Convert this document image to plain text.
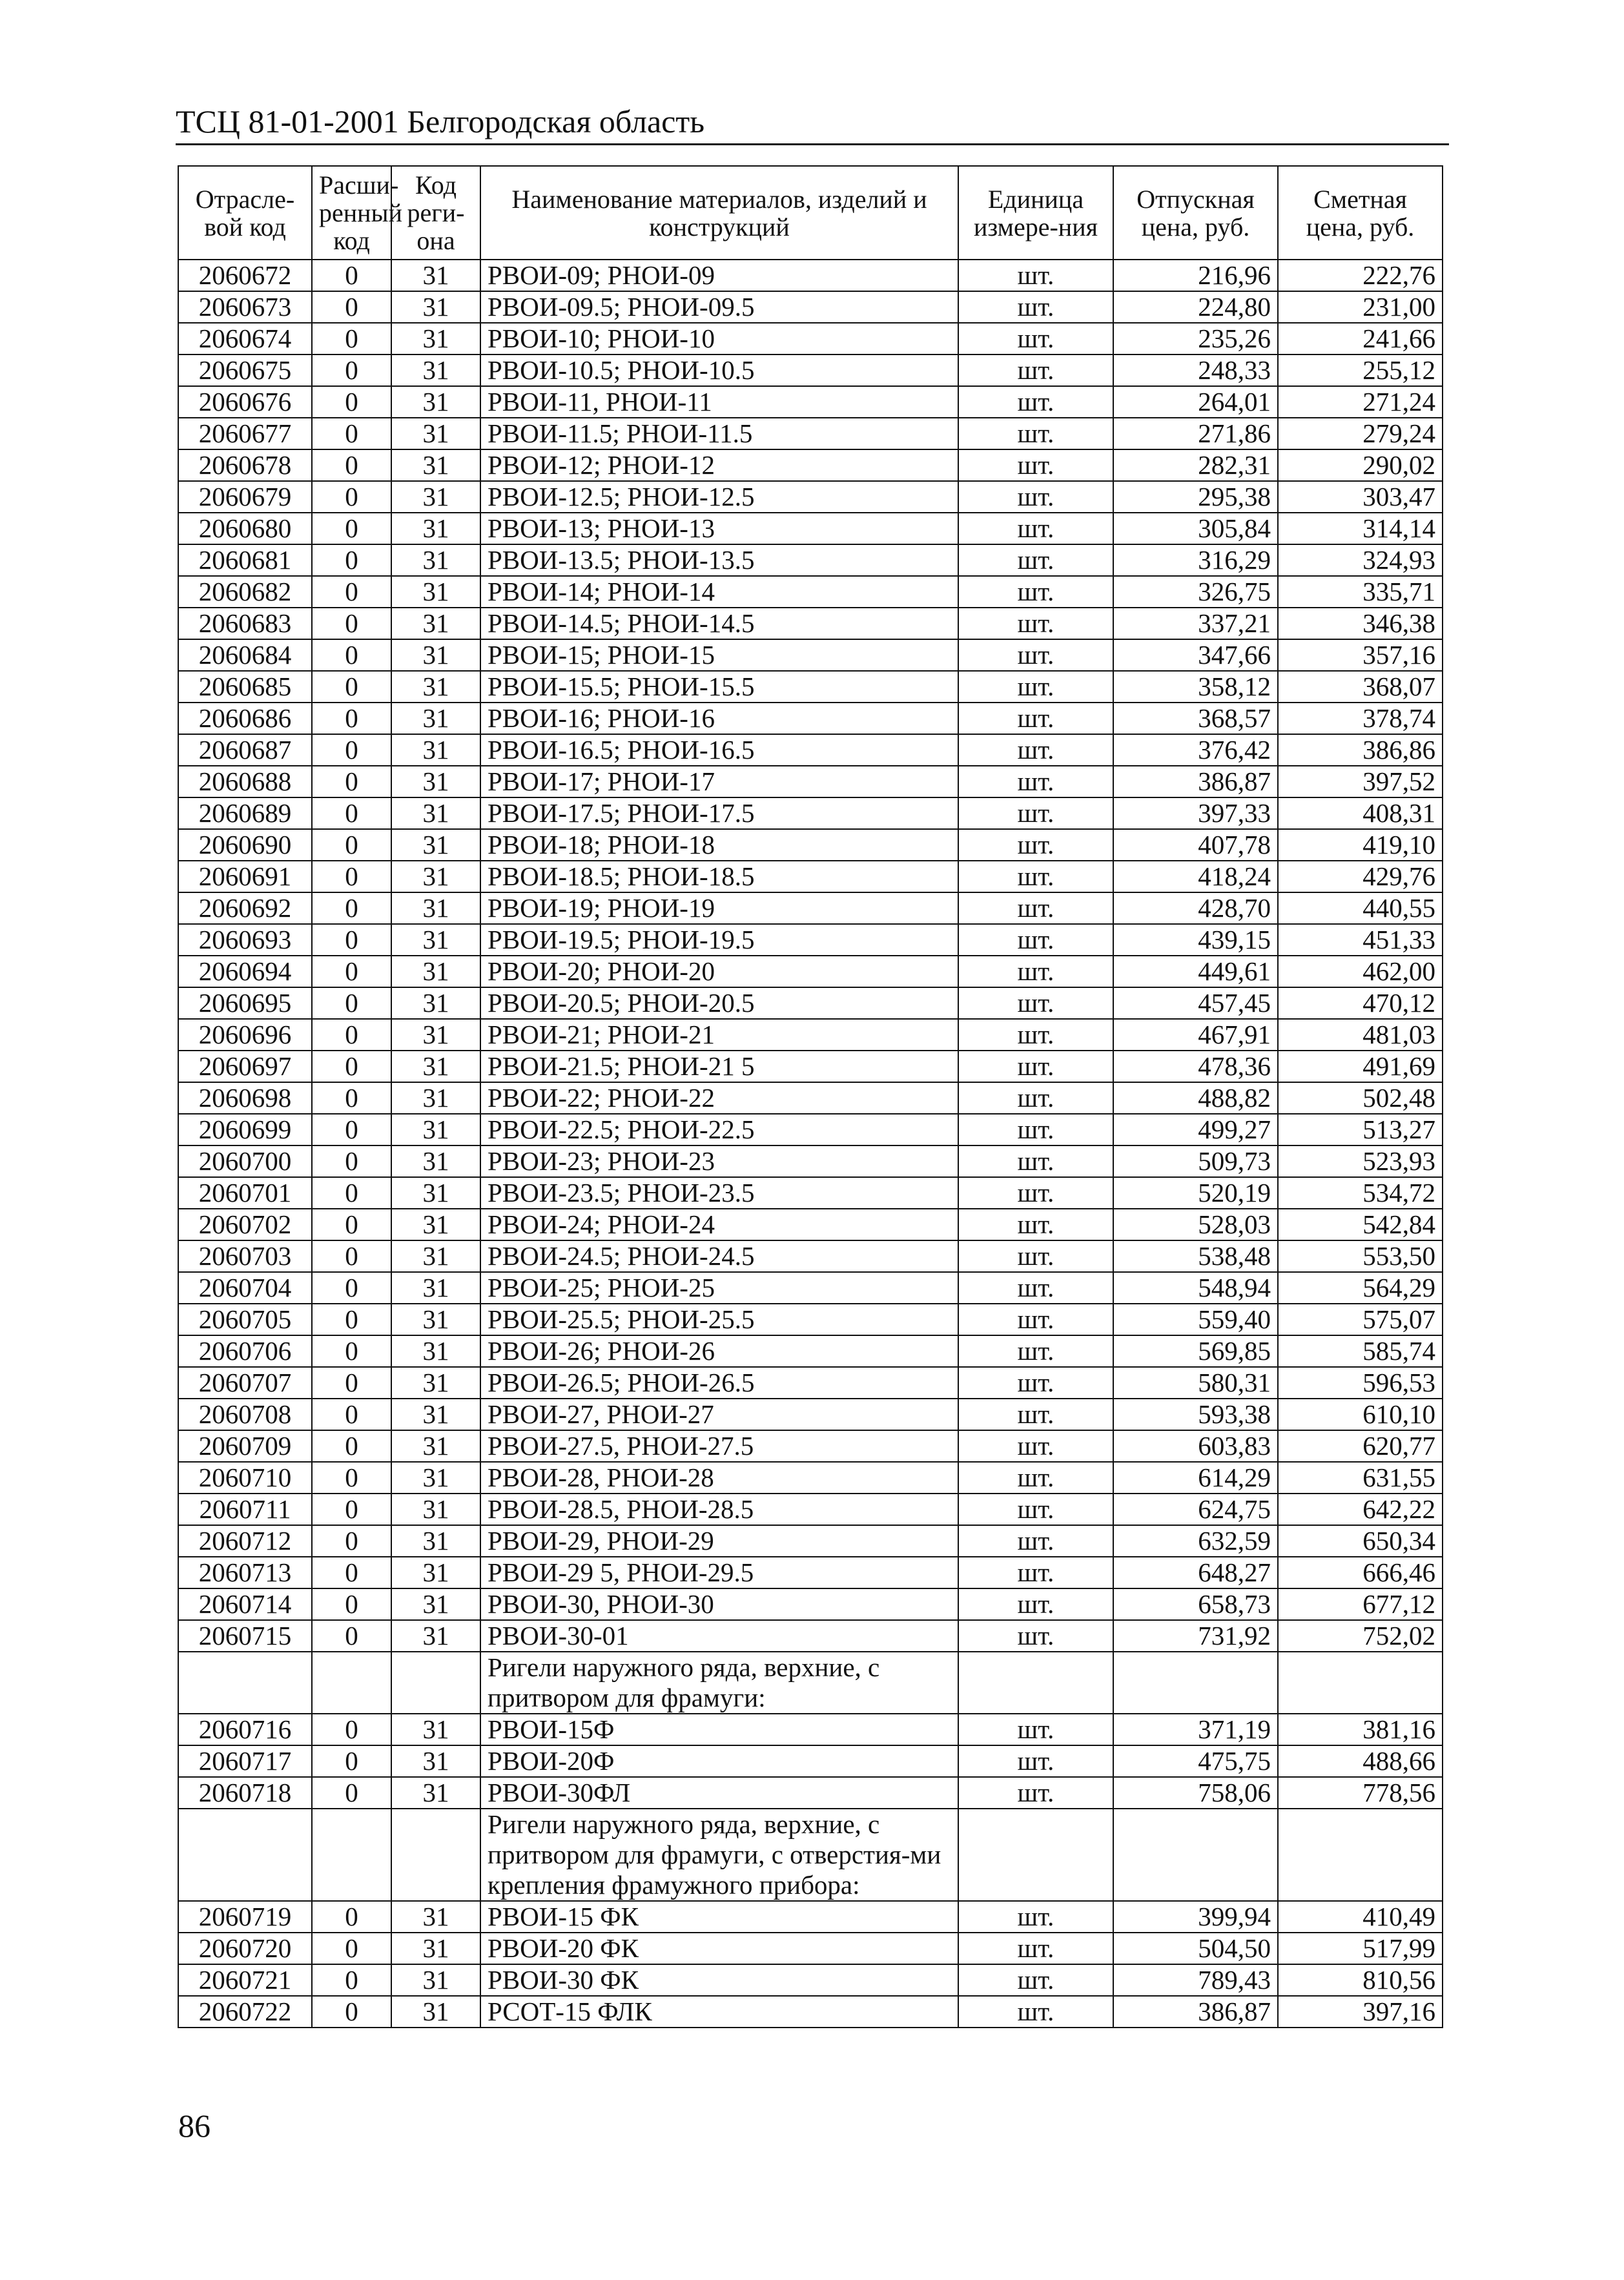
ТСЦ 81-01-2001 Белгородская область
Отрасле-вой код	Расши-ренный код	Код реги-она	Наименование материалов, изделий и конструкций	Единица измере-ния	Отпускная цена, руб.	Сметная цена, руб.
2060672	0	31	РВОИ-09; РНОИ-09	шт.	216,96	222,76
2060673	0	31	РВОИ-09.5; РНОИ-09.5	шт.	224,80	231,00
2060674	0	31	РВОИ-10; РНОИ-10	шт.	235,26	241,66
2060675	0	31	РВОИ-10.5; РНОИ-10.5	шт.	248,33	255,12
2060676	0	31	РВОИ-11, РНОИ-11	шт.	264,01	271,24
2060677	0	31	РВОИ-11.5; РНОИ-11.5	шт.	271,86	279,24
2060678	0	31	РВОИ-12; РНОИ-12	шт.	282,31	290,02
2060679	0	31	РВОИ-12.5; РНОИ-12.5	шт.	295,38	303,47
2060680	0	31	РВОИ-13; РНОИ-13	шт.	305,84	314,14
2060681	0	31	РВОИ-13.5; РНОИ-13.5	шт.	316,29	324,93
2060682	0	31	РВОИ-14; РНОИ-14	шт.	326,75	335,71
2060683	0	31	РВОИ-14.5; РНОИ-14.5	шт.	337,21	346,38
2060684	0	31	РВОИ-15; РНОИ-15	шт.	347,66	357,16
2060685	0	31	РВОИ-15.5; РНОИ-15.5	шт.	358,12	368,07
2060686	0	31	РВОИ-16; РНОИ-16	шт.	368,57	378,74
2060687	0	31	РВОИ-16.5; РНОИ-16.5	шт.	376,42	386,86
2060688	0	31	РВОИ-17; РНОИ-17	шт.	386,87	397,52
2060689	0	31	РВОИ-17.5; РНОИ-17.5	шт.	397,33	408,31
2060690	0	31	РВОИ-18; РНОИ-18	шт.	407,78	419,10
2060691	0	31	РВОИ-18.5; РНОИ-18.5	шт.	418,24	429,76
2060692	0	31	РВОИ-19; РНОИ-19	шт.	428,70	440,55
2060693	0	31	РВОИ-19.5; РНОИ-19.5	шт.	439,15	451,33
2060694	0	31	РВОИ-20; РНОИ-20	шт.	449,61	462,00
2060695	0	31	РВОИ-20.5; РНОИ-20.5	шт.	457,45	470,12
2060696	0	31	РВОИ-21; РНОИ-21	шт.	467,91	481,03
2060697	0	31	РВОИ-21.5; РНОИ-21 5	шт.	478,36	491,69
2060698	0	31	РВОИ-22; РНОИ-22	шт.	488,82	502,48
2060699	0	31	РВОИ-22.5; РНОИ-22.5	шт.	499,27	513,27
2060700	0	31	РВОИ-23; РНОИ-23	шт.	509,73	523,93
2060701	0	31	РВОИ-23.5; РНОИ-23.5	шт.	520,19	534,72
2060702	0	31	РВОИ-24; РНОИ-24	шт.	528,03	542,84
2060703	0	31	РВОИ-24.5; РНОИ-24.5	шт.	538,48	553,50
2060704	0	31	РВОИ-25; РНОИ-25	шт.	548,94	564,29
2060705	0	31	РВОИ-25.5; РНОИ-25.5	шт.	559,40	575,07
2060706	0	31	РВОИ-26; РНОИ-26	шт.	569,85	585,74
2060707	0	31	РВОИ-26.5; РНОИ-26.5	шт.	580,31	596,53
2060708	0	31	РВОИ-27, РНОИ-27	шт.	593,38	610,10
2060709	0	31	РВОИ-27.5, РНОИ-27.5	шт.	603,83	620,77
2060710	0	31	РВОИ-28, РНОИ-28	шт.	614,29	631,55
2060711	0	31	РВОИ-28.5, РНОИ-28.5	шт.	624,75	642,22
2060712	0	31	РВОИ-29, РНОИ-29	шт.	632,59	650,34
2060713	0	31	РВОИ-29 5, РНОИ-29.5	шт.	648,27	666,46
2060714	0	31	РВОИ-30, РНОИ-30	шт.	658,73	677,12
2060715	0	31	РВОИ-30-01	шт.	731,92	752,02
			Ригели наружного ряда, верхние, с притвором для фрамуги:			
2060716	0	31	РВОИ-15Ф	шт.	371,19	381,16
2060717	0	31	РВОИ-20Ф	шт.	475,75	488,66
2060718	0	31	РВОИ-30ФЛ	шт.	758,06	778,56
			Ригели наружного ряда, верхние, с притвором для фрамуги, с отверстия-ми крепления фрамужного прибора:			
2060719	0	31	РВОИ-15 ФК	шт.	399,94	410,49
2060720	0	31	РВОИ-20 ФК	шт.	504,50	517,99
2060721	0	31	РВОИ-30 ФК	шт.	789,43	810,56
2060722	0	31	РСОТ-15 ФЛК	шт.	386,87	397,16
86
